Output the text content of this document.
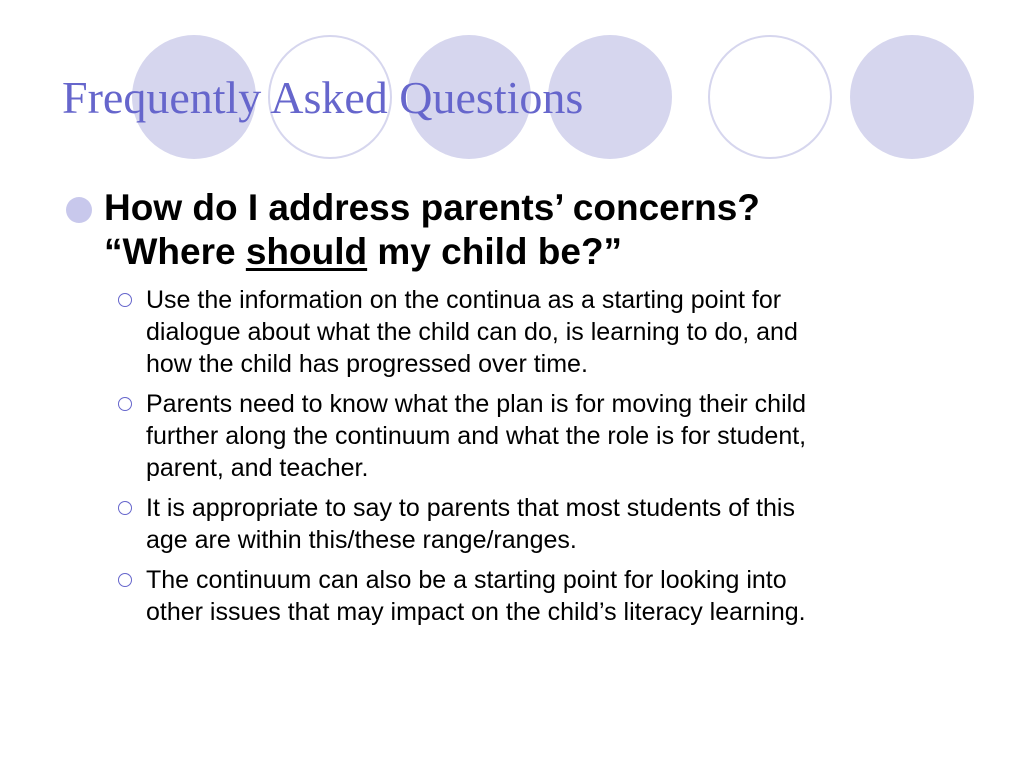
Frequently Asked Questions
How do I address parents’ concerns?
“Where should my child be?”
Use the information on the continua as a starting point for
dialogue about what the child can do, is learning to do, and
how the child has progressed over time.
Parents need to know what the plan is for moving their child
further along the continuum and what the role is for student,
parent, and teacher.
It is appropriate to say to parents that most students of this
age are within this/these range/ranges.
The continuum can also be a starting point for looking into
other issues that may impact on the child’s literacy learning.
